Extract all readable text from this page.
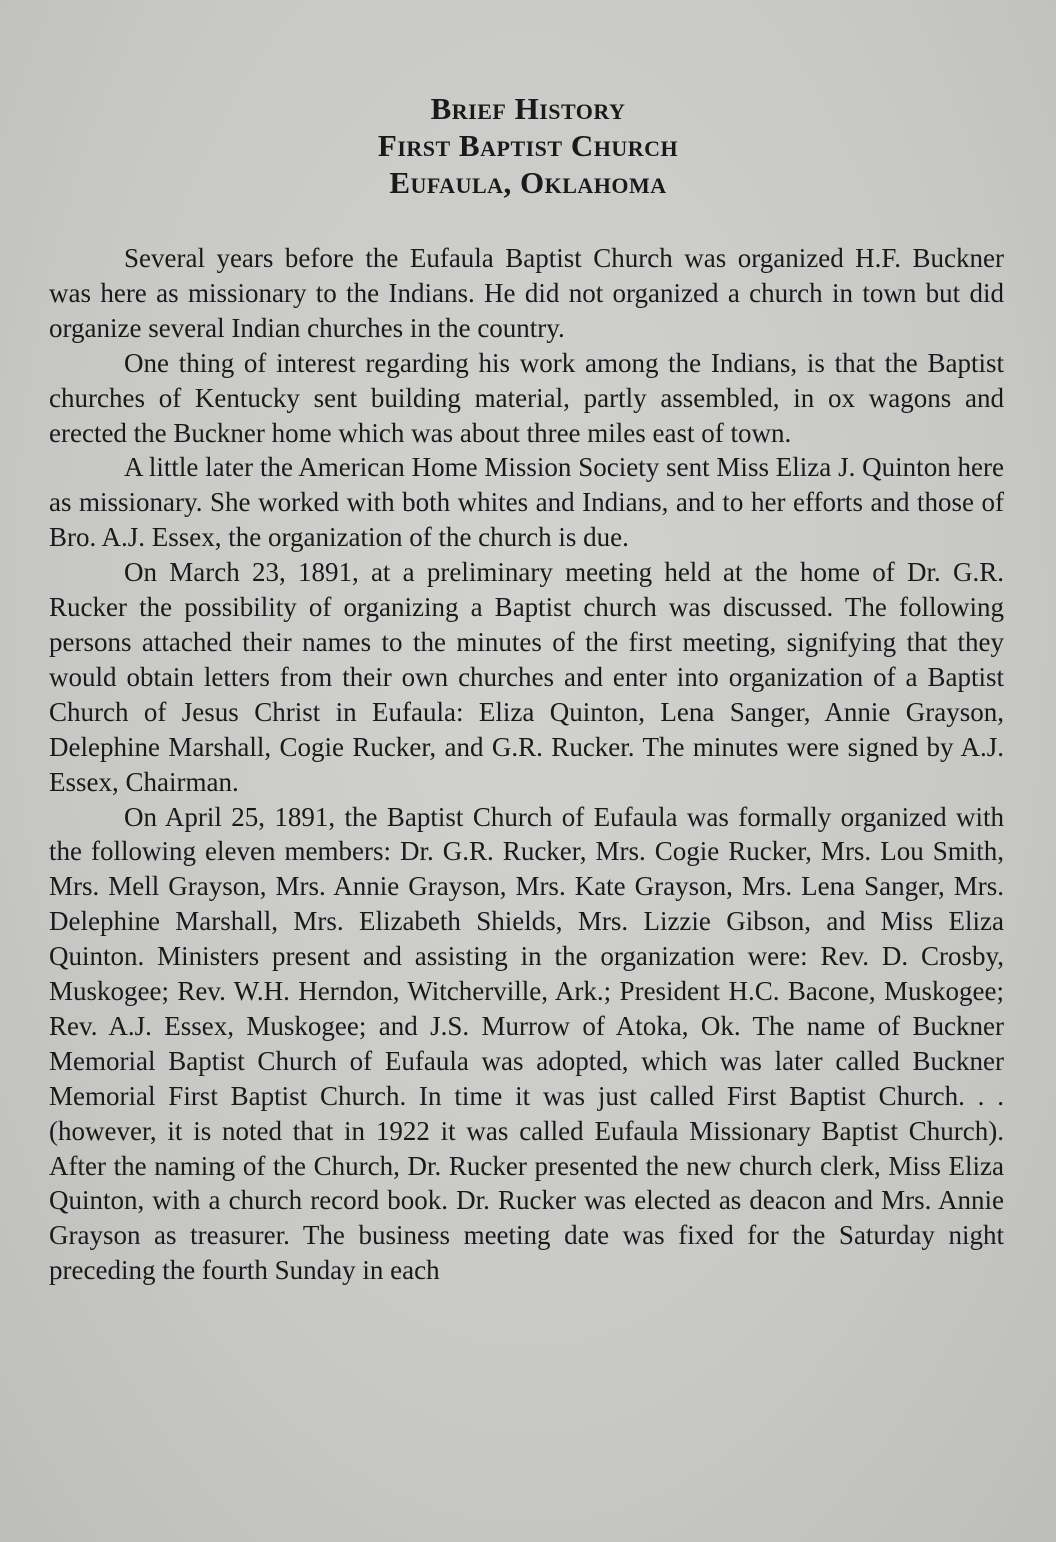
Brief History
First Baptist Church
Eufaula, Oklahoma

Several years before the Eufaula Baptist Church was organized H.F. Buckner was here as missionary to the Indians. He did not organized a church in town but did organize several Indian churches in the country.

One thing of interest regarding his work among the Indians, is that the Baptist churches of Kentucky sent building material, partly assembled, in ox wagons and erected the Buckner home which was about three miles east of town.

A little later the American Home Mission Society sent Miss Eliza J. Quinton here as missionary. She worked with both whites and Indians, and to her efforts and those of Bro. A.J. Essex, the organization of the church is due.

On March 23, 1891, at a preliminary meeting held at the home of Dr. G.R. Rucker the possibility of organizing a Baptist church was discussed. The following persons attached their names to the minutes of the first meeting, signifying that they would obtain letters from their own churches and enter into organization of a Baptist Church of Jesus Christ in Eufaula: Eliza Quinton, Lena Sanger, Annie Grayson, Delephine Marshall, Cogie Rucker, and G.R. Rucker. The minutes were signed by A.J. Essex, Chairman.

On April 25, 1891, the Baptist Church of Eufaula was formally organized with the following eleven members: Dr. G.R. Rucker, Mrs. Cogie Rucker, Mrs. Lou Smith, Mrs. Mell Grayson, Mrs. Annie Grayson, Mrs. Kate Grayson, Mrs. Lena Sanger, Mrs. Delephine Marshall, Mrs. Elizabeth Shields, Mrs. Lizzie Gibson, and Miss Eliza Quinton. Ministers present and assisting in the organization were: Rev. D. Crosby, Muskogee; Rev. W.H. Herndon, Witcherville, Ark.; President H.C. Bacone, Muskogee; Rev. A.J. Essex, Muskogee; and J.S. Murrow of Atoka, Ok. The name of Buckner Memorial Baptist Church of Eufaula was adopted, which was later called Buckner Memorial First Baptist Church. In time it was just called First Baptist Church. . .(however, it is noted that in 1922 it was called Eufaula Missionary Baptist Church). After the naming of the Church, Dr. Rucker presented the new church clerk, Miss Eliza Quinton, with a church record book. Dr. Rucker was elected as deacon and Mrs. Annie Grayson as treasurer. The business meeting date was fixed for the Saturday night preceding the fourth Sunday in each
